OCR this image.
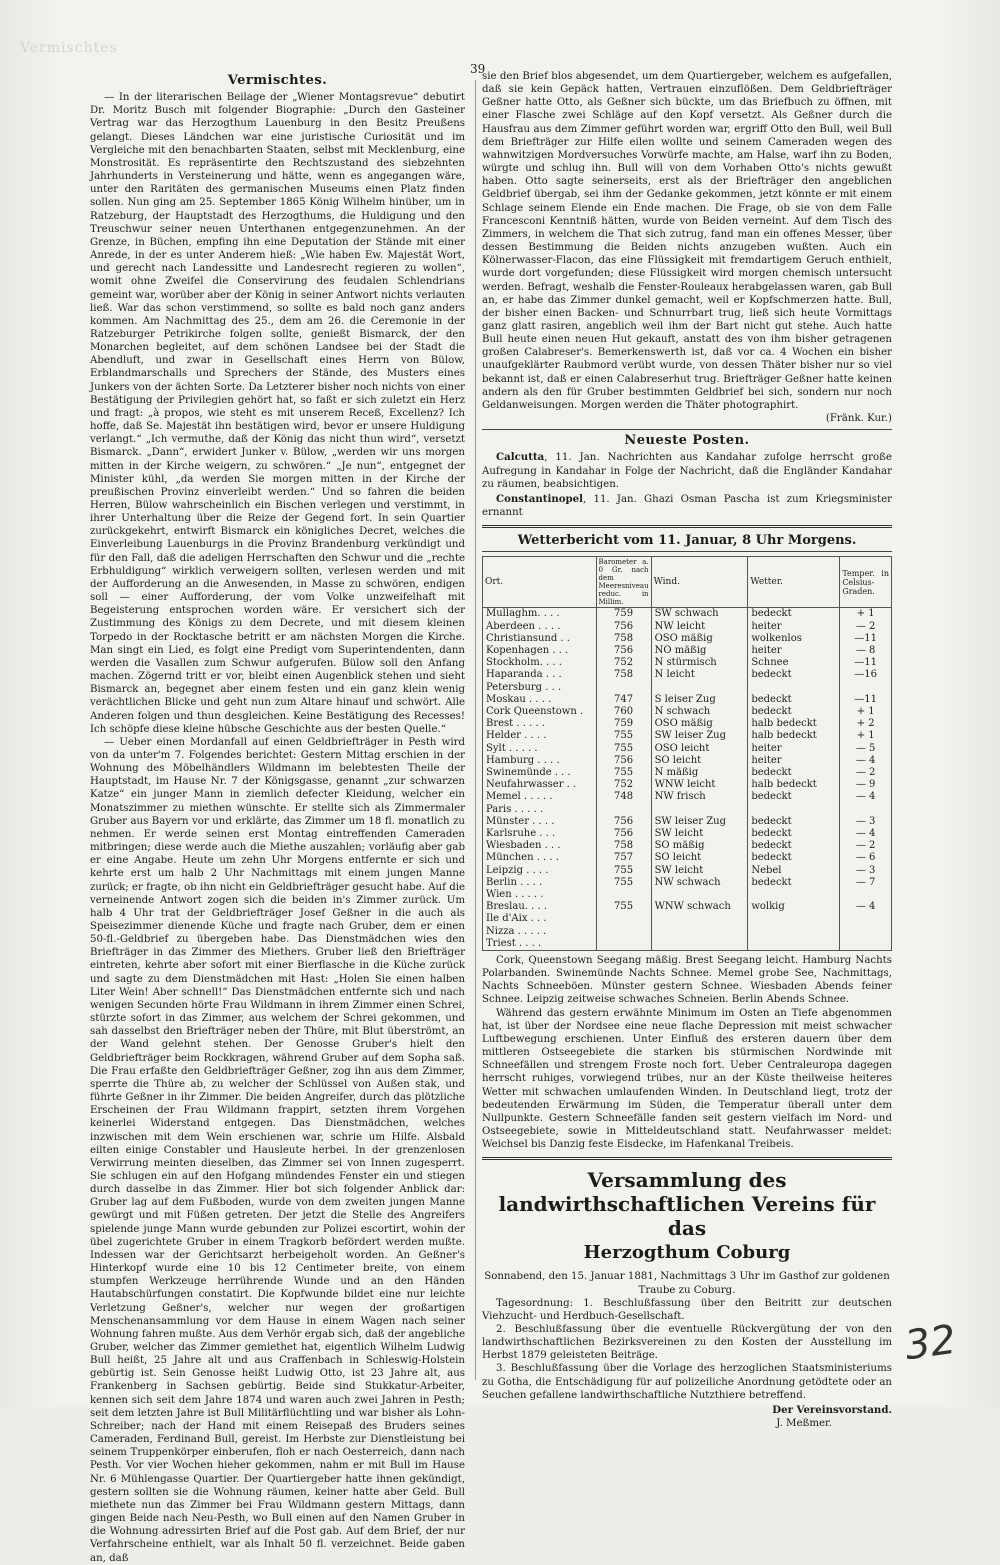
Vermischtes
39
Vermischtes.

— In der literarischen Beilage der „Wiener Montagsrevue“ debutirt Dr. Moritz Busch mit folgender Biographie: „Durch den Gasteiner Vertrag war das Herzogthum Lauenburg in den Besitz Preußens gelangt. Dieses Ländchen war eine juristische Curiosität und im Vergleiche mit den benachbarten Staaten, selbst mit Mecklenburg, eine Monstrosität. Es repräsentirte den Rechtszustand des siebzehnten Jahrhunderts in Versteinerung und hätte, wenn es angegangen wäre, unter den Raritäten des germanischen Museums einen Platz finden sollen. Nun ging am 25. September 1865 König Wilhelm hinüber, um in Ratzeburg, der Hauptstadt des Herzogthums, die Huldigung und den Treuschwur seiner neuen Unterthanen entgegenzunehmen. An der Grenze, in Büchen, empfing ihn eine Deputation der Stände mit einer Anrede, in der es unter Anderem hieß: „Wie haben Ew. Majestät Wort, und gerecht nach Landessitte und Landesrecht regieren zu wollen“, womit ohne Zweifel die Conservirung des feudalen Schlendrians gemeint war, worüber aber der König in seiner Antwort nichts verlauten ließ. War das schon verstimmend, so sollte es bald noch ganz anders kommen. Am Nachmittag des 25., dem am 26. die Ceremonie in der Ratzeburger Petrikirche folgen sollte, genießt Bismarck, der den Monarchen begleitet, auf dem schönen Landsee bei der Stadt die Abendluft, und zwar in Gesellschaft eines Herrn von Bülow, Erblandmarschalls und Sprechers der Stände, des Musters eines Junkers von der ächten Sorte. Da Letzterer bisher noch nichts von einer Bestätigung der Privilegien gehört hat, so faßt er sich zuletzt ein Herz und fragt: „à propos, wie steht es mit unserem Receß, Excellenz? Ich hoffe, daß Se. Majestät ihn bestätigen wird, bevor er unsere Huldigung verlangt.“ „Ich vermuthe, daß der König das nicht thun wird“, versetzt Bismarck. „Dann“, erwidert Junker v. Bülow, „werden wir uns morgen mitten in der Kirche weigern, zu schwören.“ „Je nun“, entgegnet der Minister kühl, „da werden Sie morgen mitten in der Kirche der preußischen Provinz einverleibt werden.“ Und so fahren die beiden Herren, Bülow wahrscheinlich ein Bischen verlegen und verstimmt, in ihrer Unterhaltung über die Reize der Gegend fort. In sein Quartier zurückgekehrt, entwirft Bismarck ein königliches Decret, welches die Einverleibung Lauenburgs in die Provinz Brandenburg verkündigt und für den Fall, daß die adeligen Herrschaften den Schwur und die „rechte Erbhuldigung“ wirklich verweigern sollten, verlesen werden und mit der Aufforderung an die Anwesenden, in Masse zu schwören, endigen soll — einer Aufforderung, der vom Volke unzweifelhaft mit Begeisterung entsprochen worden wäre. Er versichert sich der Zustimmung des Königs zu dem Decrete, und mit diesem kleinen Torpedo in der Rocktasche betritt er am nächsten Morgen die Kirche. Man singt ein Lied, es folgt eine Predigt vom Superintendenten, dann werden die Vasallen zum Schwur aufgerufen. Bülow soll den Anfang machen. Zögernd tritt er vor, bleibt einen Augenblick stehen und sieht Bismarck an, begegnet aber einem festen und ein ganz klein wenig verächtlichen Blicke und geht nun zum Altare hinauf und schwört. Alle Anderen folgen und thun desgleichen. Keine Bestätigung des Recesses! Ich schöpfe diese kleine hübsche Geschichte aus der besten Quelle.“

— Ueber einen Mordanfall auf einen Geldbriefträger in Pesth wird von da unter'm 7. Folgendes berichtet: Gestern Mittag erschien in der Wohnung des Möbelhändlers Wildmann im belebtesten Theile der Hauptstadt, im Hause Nr. 7 der Königsgasse, genannt „zur schwarzen Katze“ ein junger Mann in ziemlich defecter Kleidung, welcher ein Monatszimmer zu miethen wünschte. Er stellte sich als Zimmermaler Gruber aus Bayern vor und erklärte, das Zimmer um 18 fl. monatlich zu nehmen. Er werde seinen erst Montag eintreffenden Cameraden mitbringen; diese werde auch die Miethe auszahlen; vorläufig aber gab er eine Angabe. Heute um zehn Uhr Morgens entfernte er sich und kehrte erst um halb 2 Uhr Nachmittags mit einem jungen Manne zurück; er fragte, ob ihn nicht ein Geldbriefträger gesucht habe. Auf die verneinende Antwort zogen sich die beiden in's Zimmer zurück. Um halb 4 Uhr trat der Geldbriefträger Josef Geßner in die auch als Speisezimmer dienende Küche und fragte nach Gruber, dem er einen 50-fl.-Geldbrief zu übergeben habe. Das Dienstmädchen wies den Briefträger in das Zimmer des Miethers. Gruber ließ den Briefträger eintreten, kehrte aber sofort mit einer Bierflasche in die Küche zurück und sagte zu dem Dienstmädchen mit Hast: „Holen Sie einen halben Liter Wein! Aber schnell!“ Das Dienstmädchen entfernte sich und nach wenigen Secunden hörte Frau Wildmann in ihrem Zimmer einen Schrei, stürzte sofort in das Zimmer, aus welchem der Schrei gekommen, und sah dasselbst den Briefträger neben der Thüre, mit Blut überströmt, an der Wand gelehnt stehen. Der Genosse Gruber's hielt den Geldbriefträger beim Rockkragen, während Gruber auf dem Sopha saß. Die Frau erfaßte den Geldbriefträger Geßner, zog ihn aus dem Zimmer, sperrte die Thüre ab, zu welcher der Schlüssel von Außen stak, und führte Geßner in ihr Zimmer. Die beiden Angreifer, durch das plötzliche Erscheinen der Frau Wildmann frappirt, setzten ihrem Vorgehen keinerlei Widerstand entgegen. Das Dienstmädchen, welches inzwischen mit dem Wein erschienen war, schrie um Hilfe. Alsbald eilten einige Constabler und Hausleute herbei. In der grenzenlosen Verwirrung meinten dieselben, das Zimmer sei von Innen zugesperrt. Sie schlugen ein auf den Hofgang mündendes Fenster ein und stiegen durch dasselbe in das Zimmer. Hier bot sich folgender Anblick dar: Gruber lag auf dem Fußboden, wurde von dem zweiten jungen Manne gewürgt und mit Füßen getreten. Der jetzt die Stelle des Angreifers spielende junge Mann wurde gebunden zur Polizei escortirt, wohin der übel zugerichtete Gruber in einem Tragkorb befördert werden mußte. Indessen war der Gerichtsarzt herbeigeholt worden. An Geßner's Hinterkopf wurde eine 10 bis 12 Centimeter breite, von einem stumpfen Werkzeuge herrührende Wunde und an den Händen Hautabschürfungen constatirt. Die Kopfwunde bildet eine nur leichte Verletzung Geßner's, welcher nur wegen der großartigen Menschenansammlung vor dem Hause in einem Wagen nach seiner Wohnung fahren mußte. Aus dem Verhör ergab sich, daß der angebliche Gruber, welcher das Zimmer gemiethet hat, eigentlich Wilhelm Ludwig Bull heißt, 25 Jahre alt und aus Craffenbach in Schleswig-Holstein gebürtig ist. Sein Genosse heißt Ludwig Otto, ist 23 Jahre alt, aus Frankenberg in Sachsen gebürtig. Beide sind Stukkatur-Arbeiter, kennen sich seit dem Jahre 1874 und waren auch zwei Jahren in Pesth; seit dem letzten Jahre ist Bull Militärflüchtling und war bisher als Lohn-Schreiber; nach der Hand mit einem Reisepaß des Bruders seines Cameraden, Ferdinand Bull, gereist. Im Herbste zur Dienstleistung bei seinem Truppenkörper einberufen, floh er nach Oesterreich, dann nach Pesth. Vor vier Wochen hieher gekommen, nahm er mit Bull im Hause Nr. 6 Mühlengasse Quartier. Der Quartiergeber hatte ihnen gekündigt, gestern sollten sie die Wohnung räumen, keiner hatte aber Geld. Bull miethete nun das Zimmer bei Frau Wildmann gestern Mittags, dann gingen Beide nach Neu-Pesth, wo Bull einen auf den Namen Gruber in die Wohnung adressirten Brief auf die Post gab. Auf dem Brief, der nur Verfahrscheine enthielt, war als Inhalt 50 fl. verzeichnet. Beide gaben an, daß

sie den Brief blos abgesendet, um dem Quartiergeber, welchem es aufgefallen, daß sie kein Gepäck hatten, Vertrauen einzuflößen. Dem Geldbriefträger Geßner hatte Otto, als Geßner sich bückte, um das Briefbuch zu öffnen, mit einer Flasche zwei Schläge auf den Kopf versetzt. Als Geßner durch die Hausfrau aus dem Zimmer geführt worden war, ergriff Otto den Bull, weil Bull dem Briefträger zur Hilfe eilen wollte und seinem Cameraden wegen des wahnwitzigen Mordversuches Vorwürfe machte, am Halse, warf ihn zu Boden, würgte und schlug ihn. Bull will von dem Vorhaben Otto's nichts gewußt haben. Otto sagte seinerseits, erst als der Briefträger den angeblichen Geldbrief übergab, sei ihm der Gedanke gekommen, jetzt könnte er mit einem Schlage seinem Elende ein Ende machen. Die Frage, ob sie von dem Falle Francesconi Kenntniß hätten, wurde von Beiden verneint. Auf dem Tisch des Zimmers, in welchem die That sich zutrug, fand man ein offenes Messer, über dessen Bestimmung die Beiden nichts anzugeben wußten. Auch ein Kölnerwasser-Flacon, das eine Flüssigkeit mit fremdartigem Geruch enthielt, wurde dort vorgefunden; diese Flüssigkeit wird morgen chemisch untersucht werden. Befragt, weshalb die Fenster-Rouleaux herabgelassen waren, gab Bull an, er habe das Zimmer dunkel gemacht, weil er Kopfschmerzen hatte. Bull, der bisher einen Backen- und Schnurrbart trug, ließ sich heute Vormittags ganz glatt rasiren, angeblich weil ihm der Bart nicht gut stehe. Auch hatte Bull heute einen neuen Hut gekauft, anstatt des von ihm bisher getragenen großen Calabreser's. Bemerkenswerth ist, daß vor ca. 4 Wochen ein bisher unaufgeklärter Raubmord verübt wurde, von dessen Thäter bisher nur so viel bekannt ist, daß er einen Calabreserhut trug. Briefträger Geßner hatte keinen andern als den für Gruber bestimmten Geldbrief bei sich, sondern nur noch Geldanweisungen. Morgen werden die Thäter photographirt.

(Fränk. Kur.)
Neueste Posten.
Calcutta, 11. Jan. Nachrichten aus Kandahar zufolge herrscht große Aufregung in Kandahar in Folge der Nachricht, daß die Engländer Kandahar zu räumen, beabsichtigen.
Constantinopel, 11. Jan. Ghazi Osman Pascha ist zum Kriegsminister ernannt
Wetterbericht vom 11. Januar, 8 Uhr Morgens.
Ort.	Barometer a. 0 Gr. nach dem Meeresniveau reduc. in Millim.	Wind.	Wetter.	Temper. in Celsius-Graden.
Mullaghm. . . .	759	SW schwach	bedeckt	+ 1
Aberdeen . . . .	756	NW leicht	heiter	— 2
Christiansund . .	758	OSO mäßig	wolkenlos	—11
Kopenhagen . . .	756	NO mäßig	heiter	— 8
Stockholm. . . .	752	N stürmisch	Schnee	—11
Haparanda . . .	758	N leicht	bedeckt	—16
Petersburg . . .				
Moskau . . . .	747	S leiser Zug	bedeckt	—11
Cork Queenstown .	760	N schwach	bedeckt	+ 1
Brest . . . . .	759	OSO mäßig	halb bedeckt	+ 2
Helder . . . .	755	SW leiser Zug	halb bedeckt	+ 1
Sylt . . . . .	755	OSO leicht	heiter	— 5
Hamburg . . . .	756	SO leicht	heiter	— 4
Swinemünde . . .	755	N mäßig	bedeckt	— 2
Neufahrwasser . .	752	WNW leicht	halb bedeckt	— 9
Memel . . . . .	748	NW frisch	bedeckt	— 4
Paris . . . . .				
Münster . . . .	756	SW leiser Zug	bedeckt	— 3
Karlsruhe . . .	756	SW leicht	bedeckt	— 4
Wiesbaden . . .	758	SO mäßig	bedeckt	— 2
München . . . .	757	SO leicht	bedeckt	— 6
Leipzig . . . .	755	SW leicht	Nebel	— 3
Berlin . . . .	755	NW schwach	bedeckt	— 7
Wien . . . . .				
Breslau. . . .	755	WNW schwach	wolkig	— 4
Ile d'Aix . . .				
Nizza . . . . .				
Triest . . . .				

Cork, Queenstown Seegang mäßig. Brest Seegang leicht. Hamburg Nachts Polarbanden. Swinemünde Nachts Schnee. Memel grobe See, Nachmittags, Nachts Schneeböen. Münster gestern Schnee. Wiesbaden Abends feiner Schnee. Leipzig zeitweise schwaches Schneien. Berlin Abends Schnee.

Während das gestern erwähnte Minimum im Osten an Tiefe abgenommen hat, ist über der Nordsee eine neue flache Depression mit meist schwacher Luftbewegung erschienen. Unter Einfluß des ersteren dauern über dem mittleren Ostseegebiete die starken bis stürmischen Nordwinde mit Schneefällen und strengem Froste noch fort. Ueber Centraleuropa dagegen herrscht ruhiges, vorwiegend trübes, nur an der Küste theilweise heiteres Wetter mit schwachen umlaufenden Winden. In Deutschland liegt, trotz der bedeutenden Erwärmung im Süden, die Temperatur überall unter dem Nullpunkte. Gestern Schneefälle fanden seit gestern vielfach im Nord- und Ostseegebiete, sowie in Mitteldeutschland statt. Neufahrwasser meldet: Weichsel bis Danzig feste Eisdecke, im Hafenkanal Treibeis.

Versammlung des landwirthschaftlichen Vereins für das
Herzogthum Coburg

Sonnabend, den 15. Januar 1881, Nachmittags 3 Uhr im Gasthof zur goldenen Traube zu Coburg.

Tagesordnung: 1. Beschlußfassung über den Beitritt zur deutschen Viehzucht- und Herdbuch-Gesellschaft.

2. Beschlußfassung über die eventuelle Rückvergütung der von den landwirthschaftlichen Bezirksvereinen zu den Kosten der Ausstellung im Herbst 1879 geleisteten Beiträge.

3. Beschlußfassung über die Vorlage des herzoglichen Staatsministeriums zu Gotha, die Entschädigung für auf polizeiliche Anordnung getödtete oder an Seuchen gefallene landwirthschaftliche Nutzthiere betreffend.

Der Vereinsvorstand.
J. Meßmer.
32
